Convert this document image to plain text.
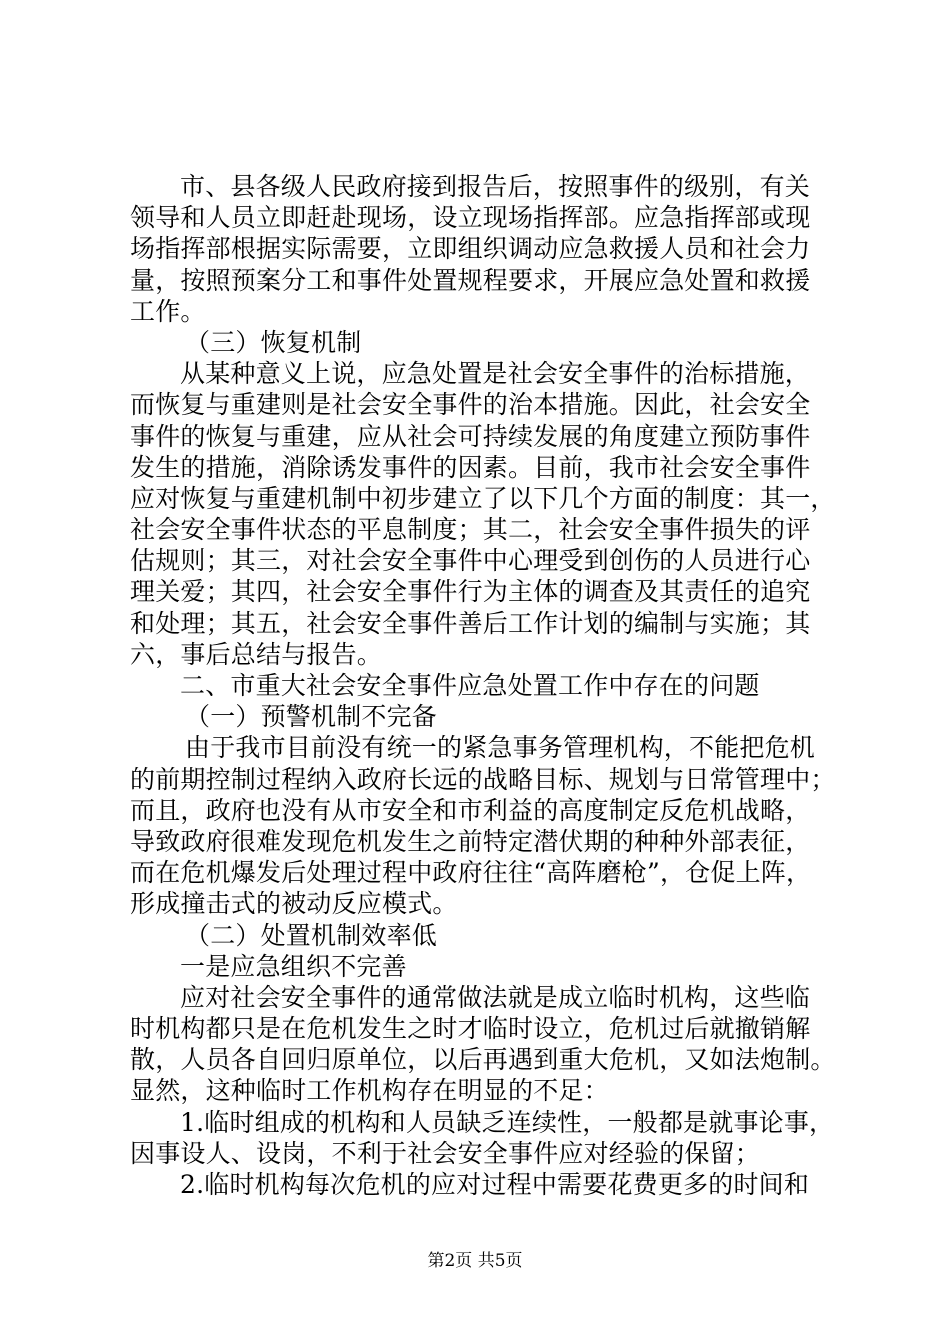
市、县各级人民政府接到报告后，按照事件的级别，有关
领导和人员立即赶赴现场，设立现场指挥部。应急指挥部或现
场指挥部根据实际需要，立即组织调动应急救援人员和社会力
量，按照预案分工和事件处置规程要求，开展应急处置和救援
工作。
（三）恢复机制
从某种意义上说，应急处置是社会安全事件的治标措施，
而恢复与重建则是社会安全事件的治本措施。因此，社会安全
事件的恢复与重建，应从社会可持续发展的角度建立预防事件
发生的措施，消除诱发事件的因素。目前，我市社会安全事件
应对恢复与重建机制中初步建立了以下几个方面的制度：其一，
社会安全事件状态的平息制度；其二，社会安全事件损失的评
估规则；其三，对社会安全事件中心理受到创伤的人员进行心
理关爱；其四，社会安全事件行为主体的调查及其责任的追究
和处理；其五，社会安全事件善后工作计划的编制与实施；其
六，事后总结与报告。
二、市重大社会安全事件应急处置工作中存在的问题
（一）预警机制不完备
由于我市目前没有统一的紧急事务管理机构，不能把危机
的前期控制过程纳入政府长远的战略目标、规划与日常管理中；
而且，政府也没有从市安全和市利益的高度制定反危机战略，
导致政府很难发现危机发生之前特定潜伏期的种种外部表征，
而在危机爆发后处理过程中政府往往“高阵磨枪”，仓促上阵，
形成撞击式的被动反应模式。
（二）处置机制效率低
一是应急组织不完善
应对社会安全事件的通常做法就是成立临时机构，这些临
时机构都只是在危机发生之时才临时设立，危机过后就撤销解
散，人员各自回归原单位，以后再遇到重大危机，又如法炮制。
显然，这种临时工作机构存在明显的不足：
1.临时组成的机构和人员缺乏连续性，一般都是就事论事，
因事设人、设岗，不利于社会安全事件应对经验的保留；
2.临时机构每次危机的应对过程中需要花费更多的时间和
第2页 共5页
